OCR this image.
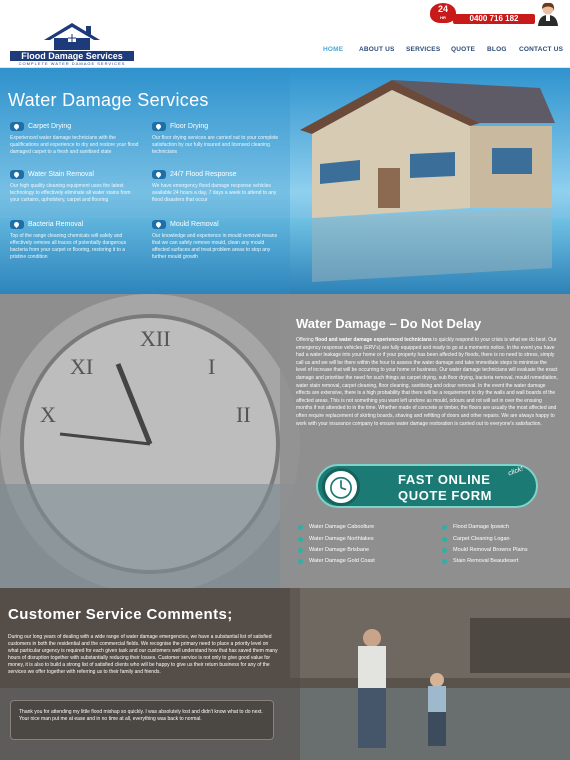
Flood Damage Services
COMPLETE WATER DAMAGE SERVICES
24
HR	0400 716 182
HOME ABOUT US SERVICES QUOTE BLOG CONTACT US
Water Damage Services
Carpet Drying
Experienced water damage technicians with the qualifications and experience to dry and restore your flood damaged carpet to a fresh and sanitised state
Floor Drying
Our floor drying services are carried out to your complete satisfaction by our fully insured and licensed cleaning technicians
Water Stain Removal
Our high quality cleaning equipment uses the latest technology to effectively eliminate all water stains from your curtains, upholstery, carpet and flooring
24/7 Flood Response
We have emergency flood damage response vehicles available 24 hours a day, 7 days a week to attend to any flood disasters that occur
Bacteria Removal
Top of the range cleaning chemicals will safely and effectively remove all traces of potentially dangerous bacteria from your carpet or flooring, restoring it to a pristine condition
Mould Removal
Our knowledge and experience in mould removal means that we can safely remove mould, clean any mould affected surfaces and treat problem areas to stop any further mould growth
XII
I
II
X
XI
Water Damage – Do Not Delay

Offering flood and water damage experienced technicians to quickly respond to your crisis is what we do best. Our emergency response vehicles (ERV's) are fully equipped and ready to go at a moments notice. In the event you have had a water leakage into your home or if your property has been affected by floods, there is no need to stress, simply call us and we will be there within the hour to assess the water damage and take immediate steps to minimise the level of increase that will be occurring to your home or business. Our water damage technicians will evaluate the exact damage and prioritise the need for such things as carpet drying, sub floor drying, bacteria removal, mould remediation, water stain removal, carpet cleaning, floor cleaning, sanitising and odour removal. In the event the water damage effects are extensive, there is a high probability that there will be a requirement to dry the walls and wall boards of the affected areas. This is not something you want left undone as mould, odours and rot will set in over the ensuing months if not attended to in the time. Whether made of concrete or timber, the floors are usually the most affected and often require replacement of skirting boards, shaving and refitting of doors and other repairs. We are always happy to work with your insurance company to ensure water damage restoration is carried out to everyone's satisfaction.

FAST ONLINE
QUOTE FORM
click!
Water Damage Caboolture
Water Damage Northlakes
Water Damage Brisbane
Water Damage Gold Coast
Flood Damage Ipswich
Carpet Cleaning Logan
Mould Removal Browns Plains
Stain Removal Beaudesert
Customer Service Comments;

During our long years of dealing with a wide range of water damage emergencies, we have a substantial list of satisfied customers in both the residential and the commercial fields. We recognise the primary need to place a priority level on what particular urgency is required for each given task and our customers well understand how that has saved them many hours of disruption together with substantially reducing their losses. Customer service is not only to give good value for money, it is also to build a strong list of satisfied clients who will be happy to give us their return business for any of the services we offer together with referring us to their family and friends.

Thank you for attending my little flood mishap so quickly. I was absolutely lost and didn't know what to do next. Your nice man put me at ease and in no time at all, everything was back to normal.
